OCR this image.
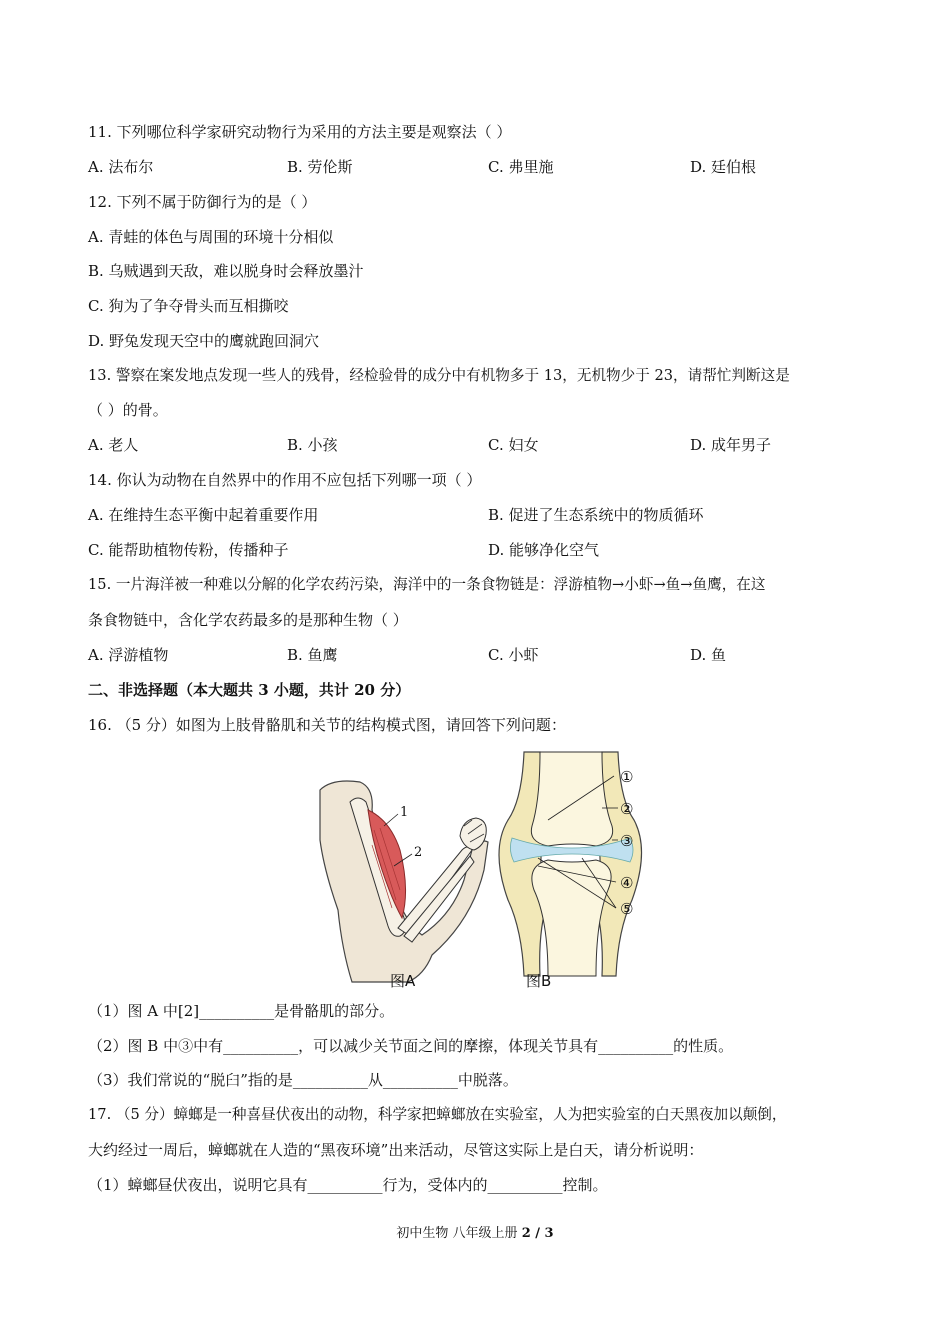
11. 下列哪位科学家研究动物行为采用的方法主要是观察法（ ）
A. 法布尔	B. 劳伦斯	C. 弗里施	D. 廷伯根
12. 下列不属于防御行为的是（ ）
A. 青蛙的体色与周围的环境十分相似
B. 乌贼遇到天敌，难以脱身时会释放墨汁
C. 狗为了争夺骨头而互相撕咬
D. 野兔发现天空中的鹰就跑回洞穴
13. 警察在案发地点发现一些人的残骨，经检验骨的成分中有机物多于 13，无机物少于 23，请帮忙判断这是
（ ）的骨。
A. 老人	B. 小孩	C. 妇女	D. 成年男子
14. 你认为动物在自然界中的作用不应包括下列哪一项（ ）
A. 在维持生态平衡中起着重要作用	B. 促进了生态系统中的物质循环
C. 能帮助植物传粉，传播种子	D. 能够净化空气
15. 一片海洋被一种难以分解的化学农药污染，海洋中的一条食物链是：浮游植物→小虾→鱼→鱼鹰，在这
条食物链中，含化学农药最多的是那种生物（ ）
A. 浮游植物	B. 鱼鹰	C. 小虾	D. 鱼
二、非选择题（本大题共 3 小题，共计 20 分）
16. （5 分）如图为上肢骨骼肌和关节的结构模式图，请回答下列问题：
1
2
图A
①
②
③
④
⑤
图B
（1）图 A 中[2]__________是骨骼肌的部分。
（2）图 B 中③中有__________，可以减少关节面之间的摩擦，体现关节具有__________的性质。
（3）我们常说的“脱臼”指的是__________从__________中脱落。
17. （5 分）蟑螂是一种喜昼伏夜出的动物，科学家把蟑螂放在实验室，人为把实验室的白天黑夜加以颠倒，
大约经过一周后，蟑螂就在人造的“黑夜环境”出来活动，尽管这实际上是白天，请分析说明：
（1）蟑螂昼伏夜出，说明它具有__________行为，受体内的__________控制。
初中生物 八年级上册 2 / 3
